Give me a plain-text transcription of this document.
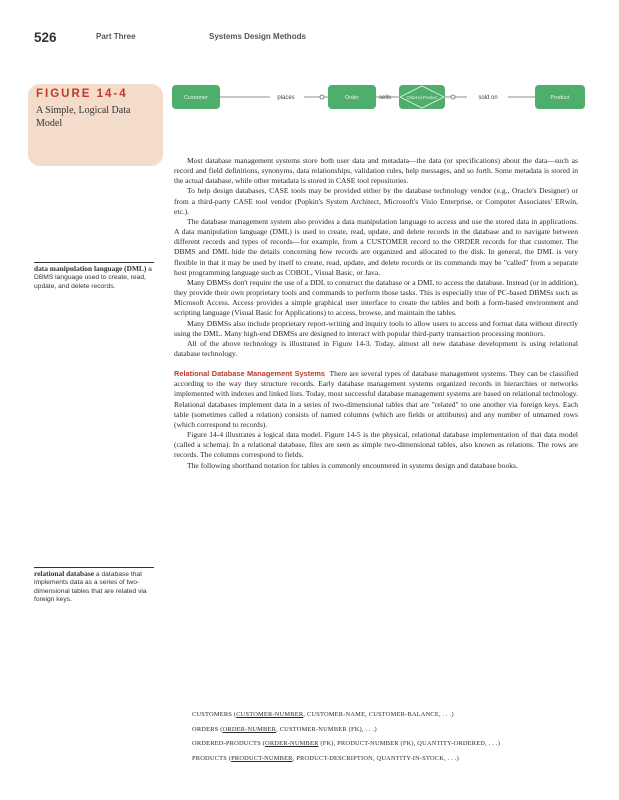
526	Part Three	Systems Design Methods
FIGURE 14-4
A Simple, Logical Data Model
Customer	places	Order	sells	Ordered Product	sold on	Product
data manipulation language (DML) a DBMS language used to create, read, update, and delete records.
relational database a database that implements data as a series of two-dimensional tables that are related via foreign keys.

Most database management systems store both user data and metadata—the data (or specifications) about the data—such as record and field definitions, synonyms, data relationships, validation rules, help messages, and so forth. Some metadata is stored in the actual database, while other metadata is stored in CASE tool repositories.

To help design databases, CASE tools may be provided either by the database technology vendor (e.g., Oracle's Designer) or from a third-party CASE tool vendor (Popkin's System Architect, Microsoft's Visio Enterprise, or Computer Associates' ERwin, etc.).

The database management system also provides a data manipulation language to access and use the stored data in applications. A data manipulation language (DML) is used to create, read, update, and delete records in the database and to navigate between different records and types of records—for example, from a CUSTOMER record to the ORDER records for that customer. The DBMS and DML hide the details concerning how records are organized and allocated to the disk. In general, the DML is very flexible in that it may be used by itself to create, read, update, and delete records or its commands may be "called" from a separate host programming language such as COBOL, Visual Basic, or Java.

Many DBMSs don't require the use of a DDL to construct the database or a DML to access the database. Instead (or in addition), they provide their own proprietary tools and commands to perform those tasks. This is especially true of PC-based DBMSs such as Microsoft Access. Access provides a simple graphical user interface to create the tables and both a form-based environment and scripting language (Visual Basic for Applications) to access, browse, and maintain the tables.

Many DBMSs also include proprietary report-writing and inquiry tools to allow users to access and format data without directly using the DML. Many high-end DBMSs are designed to interact with popular third-party transaction processing monitors.

All of the above technology is illustrated in Figure 14-3. Today, almost all new database development is using relational database technology.

Relational Database Management Systems There are several types of database management systems. They can be classified according to the way they structure records. Early database management systems organized records in hierarchies or networks implemented with indexes and linked lists. Today, most successful database management systems are based on relational technology. Relational databases implement data in a series of two-dimensional tables that are "related" to one another via foreign keys. Each table (sometimes called a relation) consists of named columns (which are fields or attributes) and any number of unnamed rows (which correspond to records).

Figure 14-4 illustrates a logical data model. Figure 14-5 is the physical, relational database implementation of that data model (called a schema). In a relational database, files are seen as simple two-dimensional tables, also known as relations. The rows are records. The columns correspond to fields.

The following shorthand notation for tables is commonly encountered in systems design and database books.

CUSTOMERS (CUSTOMER-NUMBER, CUSTOMER-NAME, CUSTOMER-BALANCE, . . .)
ORDERS (ORDER-NUMBER, CUSTOMER-NUMBER (FK), . . .)
ORDERED-PRODUCTS (ORDER-NUMBER (FK), PRODUCT-NUMBER (FK), QUANTITY-ORDERED, . . .)
PRODUCTS (PRODUCT-NUMBER, PRODUCT-DESCRIPTION, QUANTITY-IN-STOCK, . . .)
